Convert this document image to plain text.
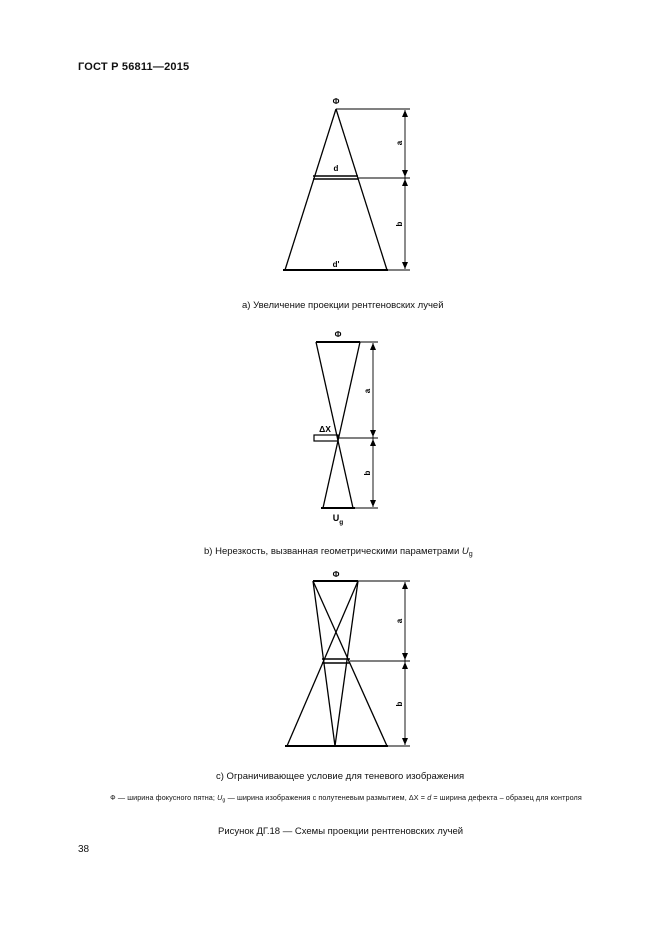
ГОСТ Р 56811—2015
Ф
d
d'
a
b
Ф
ΔX
$U_g$
a
b
Ф
a
b
а) Увеличение проекции рентгеновских лучей
b) Нерезкость, вызванная геометрическими параметрами $U_g$
с) Ограничивающее условие для теневого изображения
Ф — ширина фокусного пятна; $U_g$ — ширина изображения с полутеневым размытием, ΔX = d = ширина дефекта – образец для контроля
Рисунок ДГ.18 — Схемы проекции рентгеновских лучей
38
